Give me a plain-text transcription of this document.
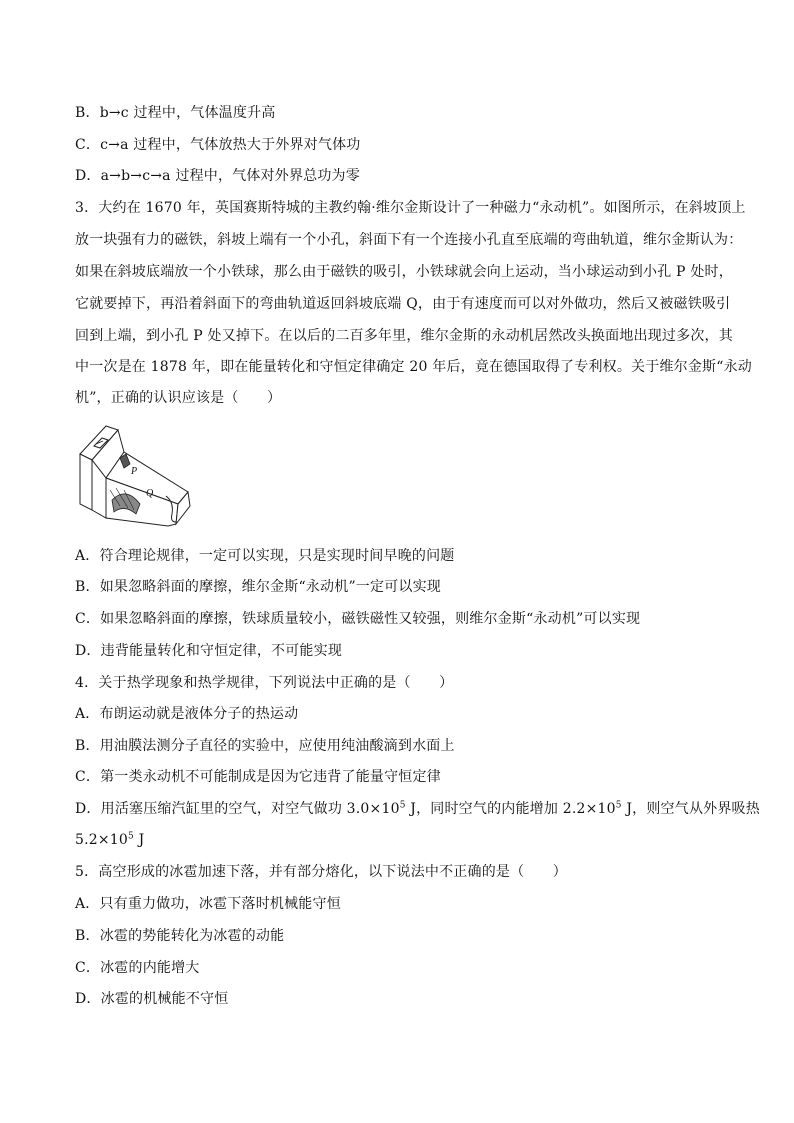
B．b→c 过程中，气体温度升高
C．c→a 过程中，气体放热大于外界对气体功
D．a→b→c→a 过程中，气体对外界总功为零
3．大约在 1670 年，英国赛斯特城的主教约翰·维尔金斯设计了一种磁力“永动机”。如图所示，在斜坡顶上
放一块强有力的磁铁，斜坡上端有一个小孔，斜面下有一个连接小孔直至底端的弯曲轨道，维尔金斯认为：
如果在斜坡底端放一个小铁球，那么由于磁铁的吸引，小铁球就会向上运动，当小球运动到小孔 P 处时，
它就要掉下，再沿着斜面下的弯曲轨道返回斜坡底端 Q，由于有速度而可以对外做功，然后又被磁铁吸引
回到上端，到小孔 P 处又掉下。在以后的二百多年里，维尔金斯的永动机居然改头换面地出现过多次，其
中一次是在 1878 年，即在能量转化和守恒定律确定 20 年后，竟在德国取得了专利权。关于维尔金斯“永动
机”，正确的认识应该是（　　）
P
Q
A．符合理论规律，一定可以实现，只是实现时间早晚的问题
B．如果忽略斜面的摩擦，维尔金斯“永动机”一定可以实现
C．如果忽略斜面的摩擦，铁球质量较小，磁铁磁性又较强，则维尔金斯“永动机”可以实现
D．违背能量转化和守恒定律，不可能实现
4．关于热学现象和热学规律，下列说法中正确的是（　　）
A．布朗运动就是液体分子的热运动
B．用油膜法测分子直径的实验中，应使用纯油酸滴到水面上
C．第一类永动机不可能制成是因为它违背了能量守恒定律
D．用活塞压缩汽缸里的空气，对空气做功 $3.0\times 10^5$ J，同时空气的内能增加 $2.2\times 10^5$ J，则空气从外界吸热
$5.2\times 10^5$ J
5．高空形成的冰雹加速下落，并有部分熔化，以下说法中不正确的是（　　）
A．只有重力做功，冰雹下落时机械能守恒
B．冰雹的势能转化为冰雹的动能
C．冰雹的内能增大
D．冰雹的机械能不守恒
